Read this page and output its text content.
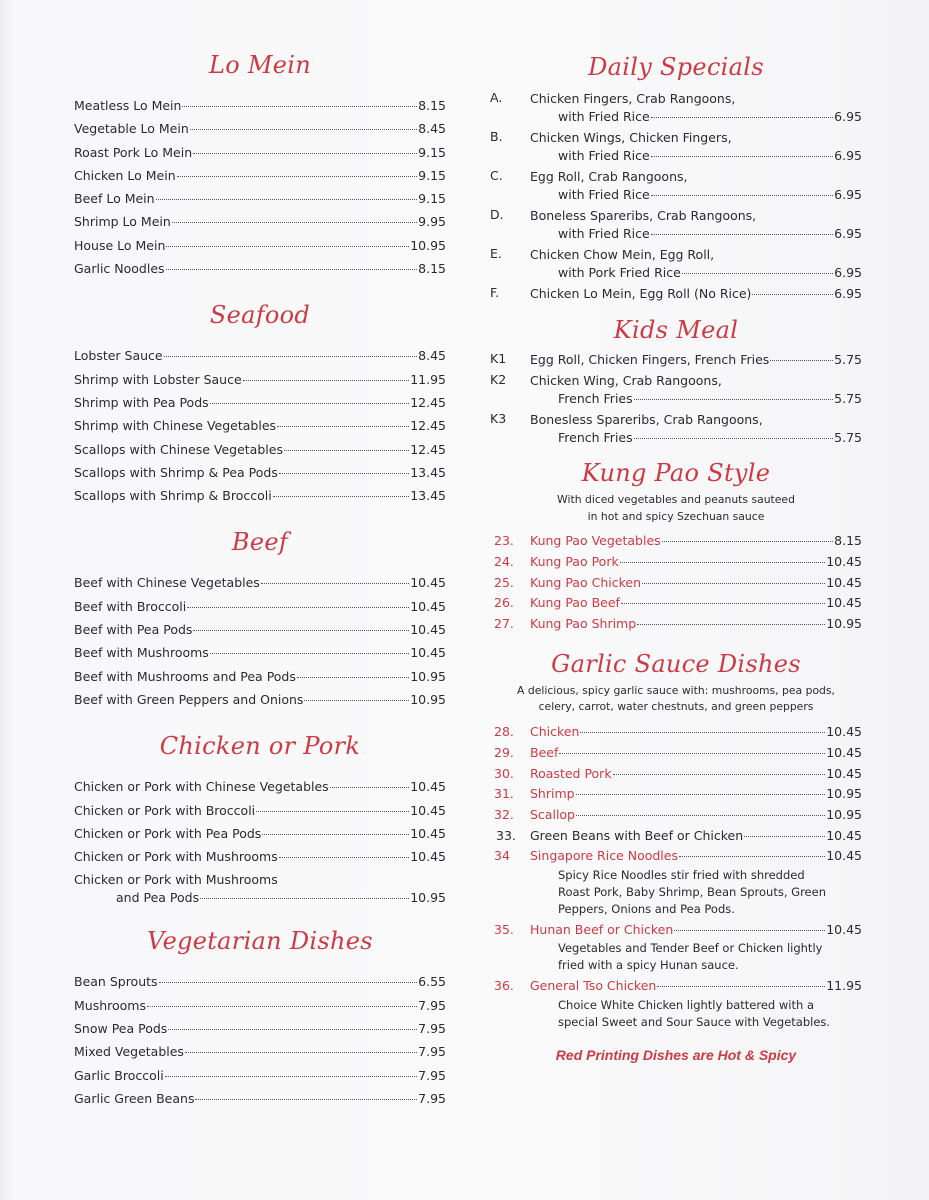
Lo Mein
Meatless Lo Mein	8.15
Vegetable Lo Mein	8.45
Roast Pork Lo Mein	9.15
Chicken Lo Mein	9.15
Beef Lo Mein	9.15
Shrimp Lo Mein	9.95
House Lo Mein	10.95
Garlic Noodles	8.15
Seafood
Lobster Sauce	8.45
Shrimp with Lobster Sauce	11.95
Shrimp with Pea Pods	12.45
Shrimp with Chinese Vegetables	12.45
Scallops with Chinese Vegetables	12.45
Scallops with Shrimp & Pea Pods	13.45
Scallops with Shrimp & Broccoli	13.45
Beef
Beef with Chinese Vegetables	10.45
Beef with Broccoli	10.45
Beef with Pea Pods	10.45
Beef with Mushrooms	10.45
Beef with Mushrooms and Pea Pods	10.95
Beef with Green Peppers and Onions	10.95
Chicken or Pork
Chicken or Pork with Chinese Vegetables	10.45
Chicken or Pork with Broccoli	10.45
Chicken or Pork with Pea Pods	10.45
Chicken or Pork with Mushrooms	10.45
Chicken or Pork with Mushrooms
and Pea Pods	10.95
Vegetarian Dishes
Bean Sprouts	6.55
Mushrooms	7.95
Snow Pea Pods	7.95
Mixed Vegetables	7.95
Garlic Broccoli	7.95
Garlic Green Beans	7.95
Daily Specials
A.	Chicken Fingers, Crab Rangoons,
with Fried Rice	6.95
B.	Chicken Wings, Chicken Fingers,
with Fried Rice	6.95
C.	Egg Roll, Crab Rangoons,
with Fried Rice	6.95
D.	Boneless Spareribs, Crab Rangoons,
with Fried Rice	6.95
E.	Chicken Chow Mein, Egg Roll,
with Pork Fried Rice	6.95
F.	Chicken Lo Mein, Egg Roll (No Rice)	6.95
Kids Meal
K1	Egg Roll, Chicken Fingers, French Fries	5.75
K2	Chicken Wing, Crab Rangoons,
French Fries	5.75
K3	Bonesless Spareribs, Crab Rangoons,
French Fries	5.75
Kung Pao Style
With diced vegetables and peanuts sauteed
in hot and spicy Szechuan sauce
23.	Kung Pao Vegetables	8.15
24.	Kung Pao Pork	10.45
25.	Kung Pao Chicken	10.45
26.	Kung Pao Beef	10.45
27.	Kung Pao Shrimp	10.95
Garlic Sauce Dishes
A delicious, spicy garlic sauce with: mushrooms, pea pods,
celery, carrot, water chestnuts, and green peppers
28.	Chicken	10.45
29.	Beef	10.45
30.	Roasted Pork	10.45
31.	Shrimp	10.95
32.	Scallop	10.95
33.	Green Beans with Beef or Chicken	10.45
34	Singapore Rice Noodles	10.45
Spicy Rice Noodles stir fried with shredded
Roast Pork, Baby Shrimp, Bean Sprouts, Green
Peppers, Onions and Pea Pods.
35.	Hunan Beef or Chicken	10.45
Vegetables and Tender Beef or Chicken lightly
fried with a spicy Hunan sauce.
36.	General Tso Chicken	11.95
Choice White Chicken lightly battered with a
special Sweet and Sour Sauce with Vegetables.
Red Printing Dishes are Hot & Spicy
